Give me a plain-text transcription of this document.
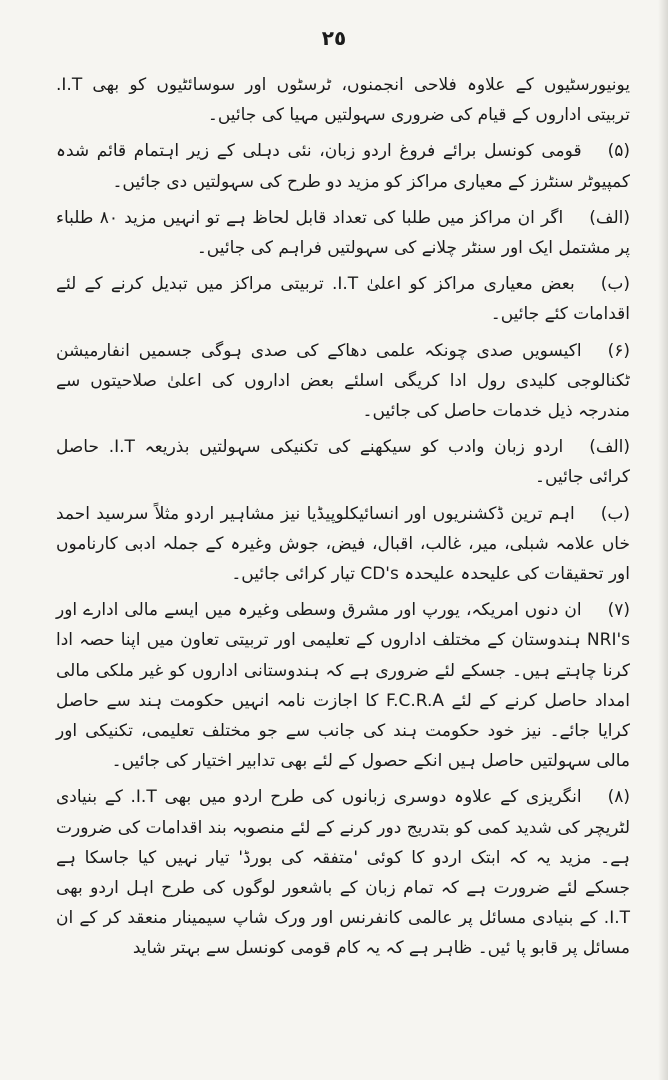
٢٥

یونیورسٹیوں کے علاوہ فلاحی انجمنوں، ٹرسٹوں اور سوسائٹیوں کو بھی I.T. تربیتی اداروں کے قیام کی ضروری سہولتیں مہیا کی جائیں۔

(۵)قومی کونسل برائے فروغ اردو زبان، نئی دہلی کے زیر اہتمام قائم شدہ کمپیوٹر سنٹرز کے معیاری مراکز کو مزید دو طرح کی سہولتیں دی جائیں۔

(الف)اگر ان مراکز میں طلبا کی تعداد قابل لحاظ ہے تو انہیں مزید ۸۰ طلباء پر مشتمل ایک اور سنٹر چلانے کی سہولتیں فراہم کی جائیں۔

(ب)بعض معیاری مراکز کو اعلیٰ I.T. تربیتی مراکز میں تبدیل کرنے کے لئے اقدامات کئے جائیں۔

(۶)اکیسویں صدی چونکہ علمی دھاکے کی صدی ہوگی جسمیں انفارمیشن ٹکنالوجی کلیدی رول ادا کریگی اسلئے بعض اداروں کی اعلیٰ صلاحیتوں سے مندرجہ ذیل خدمات حاصل کی جائیں۔

(الف)اردو زبان وادب کو سیکھنے کی تکنیکی سہولتیں بذریعہ I.T. حاصل کرائی جائیں۔

(ب)اہم ترین ڈکشنریوں اور انسائیکلوپیڈیا نیز مشاہیر اردو مثلاً سرسید احمد خاں علامہ شبلی، میر، غالب، اقبال، فیض، جوش وغیرہ کے جملہ ادبی کارناموں اور تحقیقات کی علیحدہ علیحدہ CD's تیار کرائی جائیں۔

(۷)ان دنوں امریکہ، یورپ اور مشرق وسطی وغیرہ میں ایسے مالی ادارے اور NRI's ہندوستان کے مختلف اداروں کے تعلیمی اور تربیتی تعاون میں اپنا حصہ ادا کرنا چاہتے ہیں۔ جسکے لئے ضروری ہے کہ ہندوستانی اداروں کو غیر ملکی مالی امداد حاصل کرنے کے لئے F.C.R.A کا اجازت نامہ انہیں حکومت ہند سے حاصل کرایا جائے۔ نیز خود حکومت ہند کی جانب سے جو مختلف تعلیمی، تکنیکی اور مالی سہولتیں حاصل ہیں انکے حصول کے لئے بھی تدابیر اختیار کی جائیں۔

(۸)انگریزی کے علاوہ دوسری زبانوں کی طرح اردو میں بھی I.T. کے بنیادی لٹریچر کی شدید کمی کو بتدریج دور کرنے کے لئے منصوبہ بند اقدامات کی ضرورت ہے۔ مزید یہ کہ ابتک اردو کا کوئی 'متفقہ کی بورڈ' تیار نہیں کیا جاسکا ہے جسکے لئے ضرورت ہے کہ تمام زبان کے باشعور لوگوں کی طرح اہل اردو بھی I.T. کے بنیادی مسائل پر عالمی کانفرنس اور ورک شاپ سیمینار منعقد کر کے ان مسائل پر قابو پا ئیں۔ ظاہر ہے کہ یہ کام قومی کونسل سے بہتر شاید
